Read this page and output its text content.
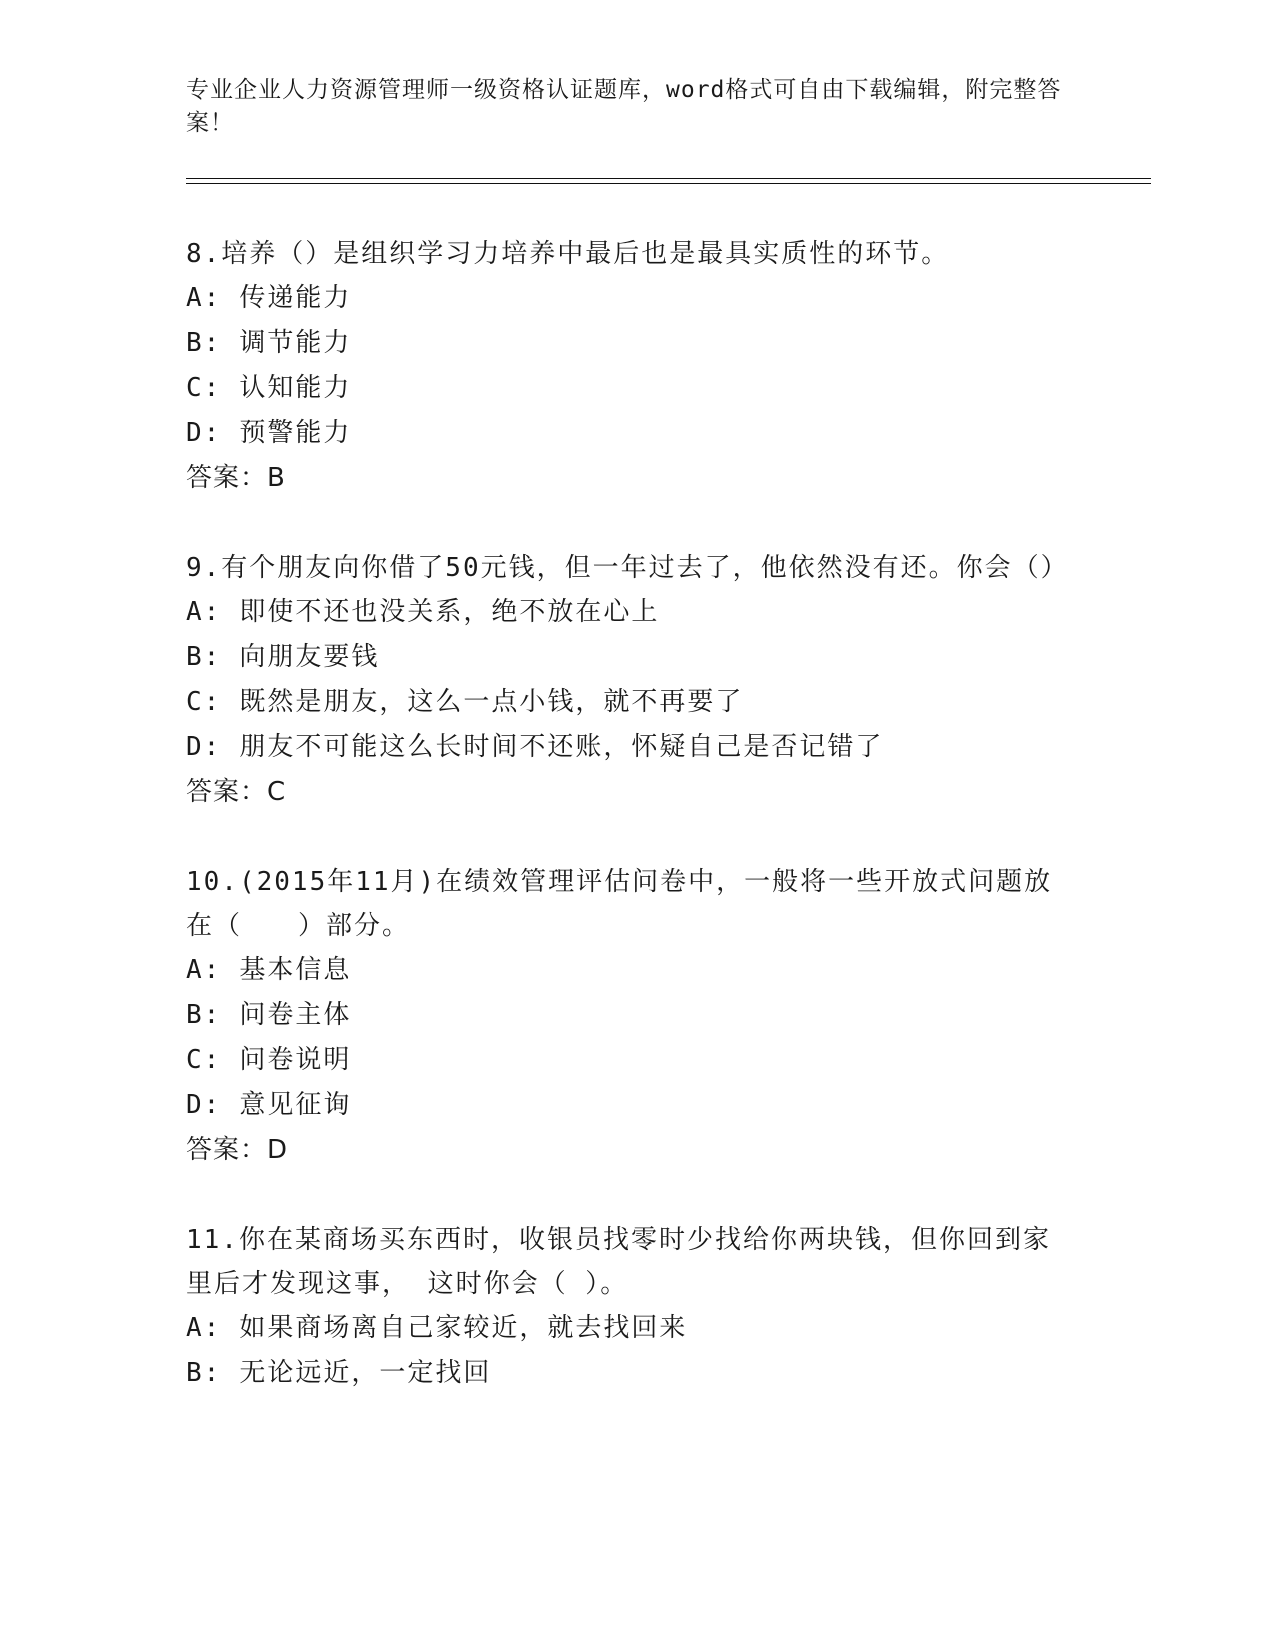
专业企业人力资源管理师一级资格认证题库，word格式可自由下载编辑，附完整答案！
8.培养（）是组织学习力培养中最后也是最具实质性的环节。
A: 传递能力
B: 调节能力
C: 认知能力
D: 预警能力
答案：B
9.有个朋友向你借了50元钱，但一年过去了，他依然没有还。你会（）
A: 即使不还也没关系，绝不放在心上
B: 向朋友要钱
C: 既然是朋友，这么一点小钱，就不再要了
D: 朋友不可能这么长时间不还账，怀疑自己是否记错了
答案：C
10.(2015年11月)在绩效管理评估问卷中，一般将一些开放式问题放在（ ）部分。
A: 基本信息
B: 问卷主体
C: 问卷说明
D: 意见征询
答案：D
11.你在某商场买东西时，收银员找零时少找给你两块钱，但你回到家里后才发现这事， 这时你会（ ）。
A: 如果商场离自己家较近，就去找回来
B: 无论远近，一定找回
